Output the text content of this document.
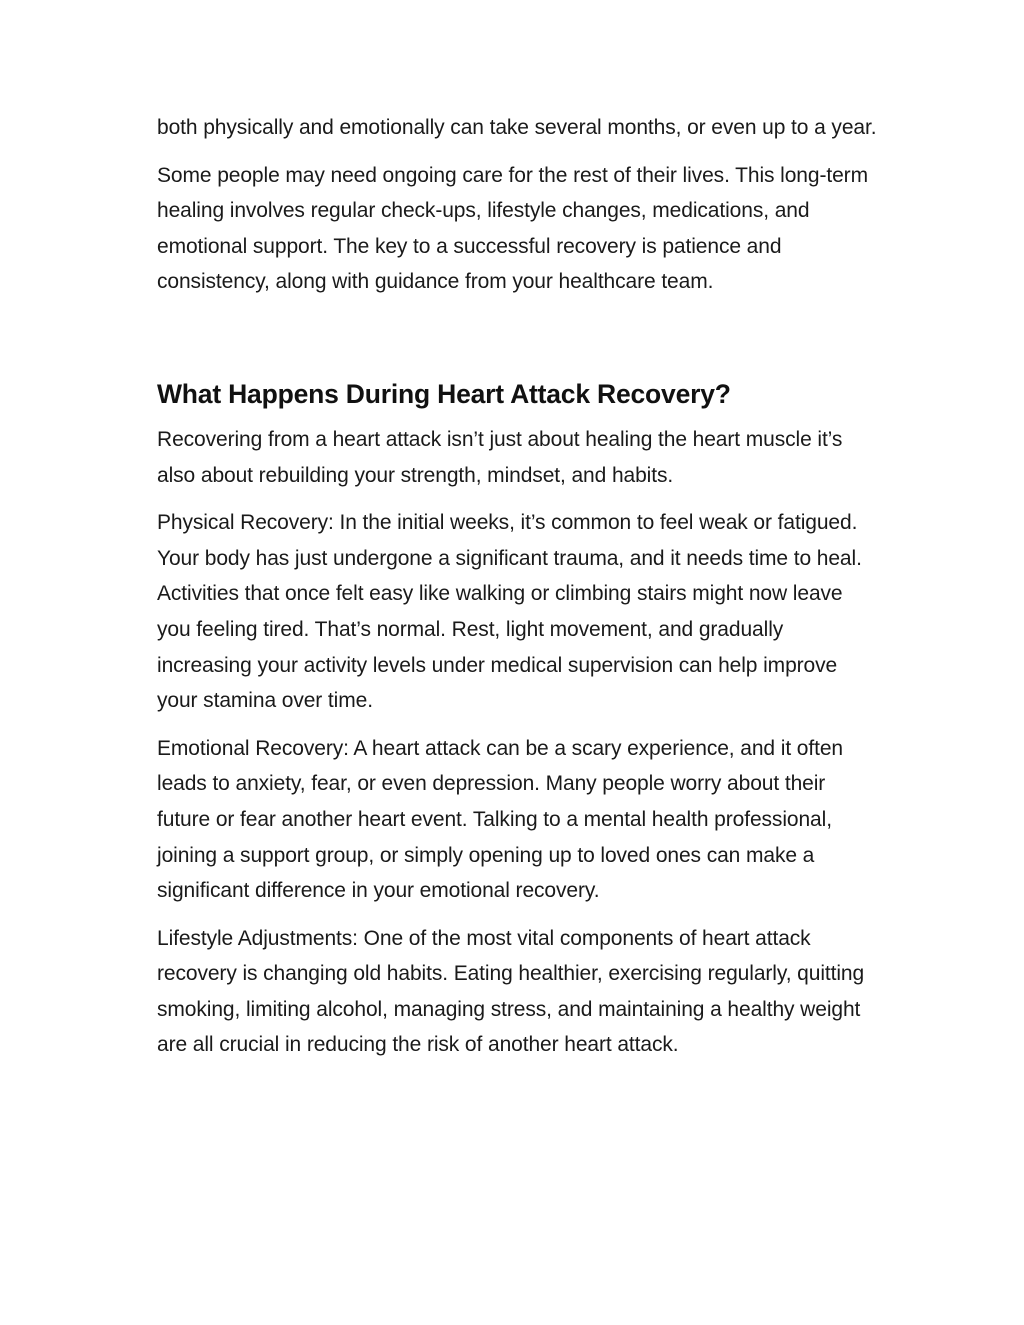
both physically and emotionally can take several months, or even up to a year.

Some people may need ongoing care for the rest of their lives. This long-term healing involves regular check-ups, lifestyle changes, medications, and emotional support. The key to a successful recovery is patience and consistency, along with guidance from your healthcare team.

What Happens During Heart Attack Recovery?

Recovering from a heart attack isn’t just about healing the heart muscle it’s also about rebuilding your strength, mindset, and habits.

Physical Recovery: In the initial weeks, it’s common to feel weak or fatigued. Your body has just undergone a significant trauma, and it needs time to heal. Activities that once felt easy like walking or climbing stairs might now leave you feeling tired. That’s normal. Rest, light movement, and gradually increasing your activity levels under medical supervision can help improve your stamina over time.

Emotional Recovery: A heart attack can be a scary experience, and it often leads to anxiety, fear, or even depression. Many people worry about their future or fear another heart event. Talking to a mental health professional, joining a support group, or simply opening up to loved ones can make a significant difference in your emotional recovery.

Lifestyle Adjustments: One of the most vital components of heart attack recovery is changing old habits. Eating healthier, exercising regularly, quitting smoking, limiting alcohol, managing stress, and maintaining a healthy weight are all crucial in reducing the risk of another heart attack.
